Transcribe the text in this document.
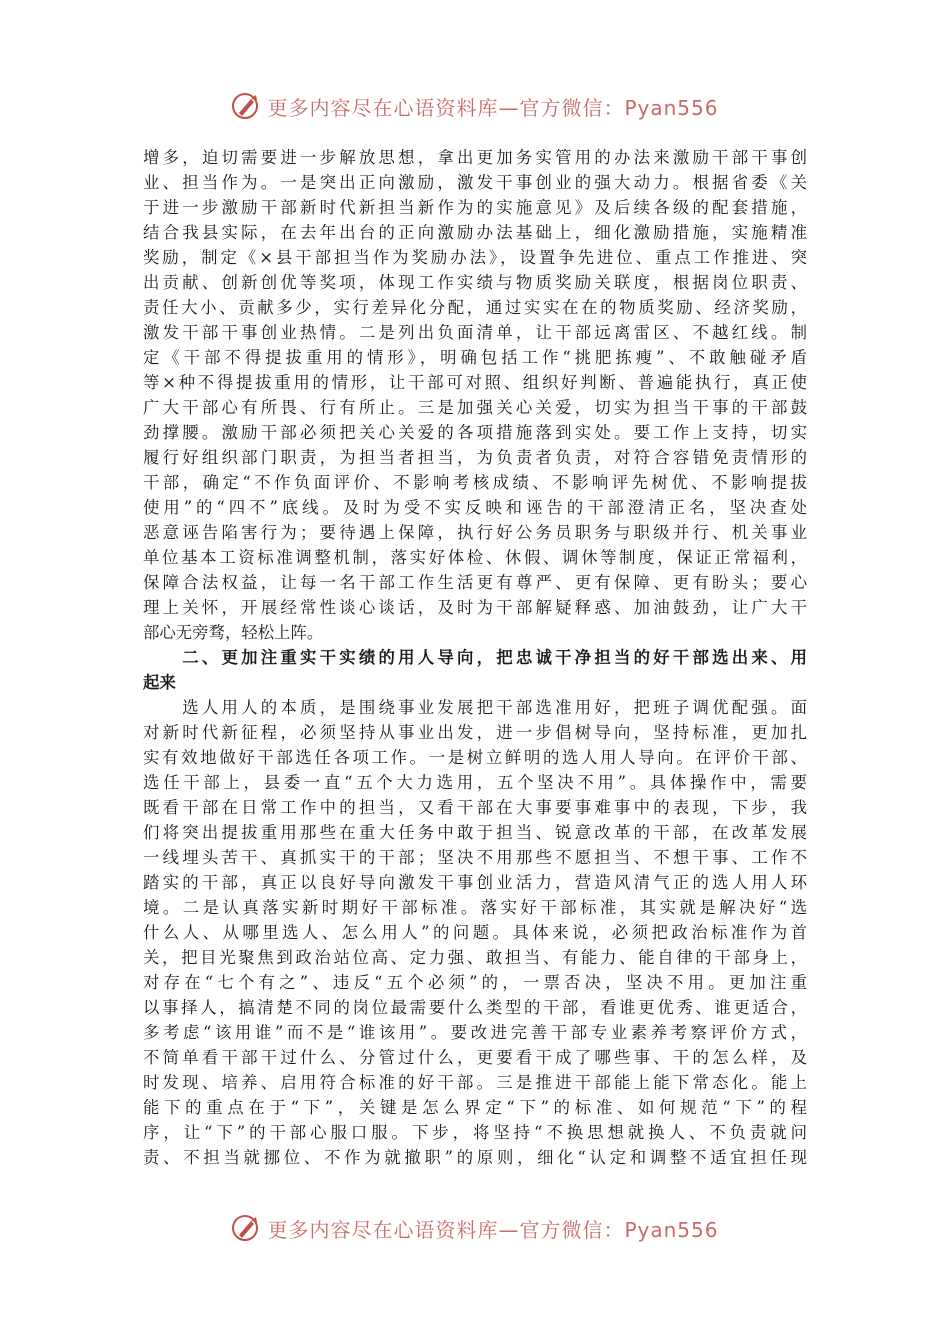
更多内容尽在心语资料库—官方微信：Pyan556
增多，迫切需要进一步解放思想，拿出更加务实管用的办法来激励干部干事创
业、担当作为。一是突出正向激励，激发干事创业的强大动力。根据省委《关
于进一步激励干部新时代新担当新作为的实施意见》及后续各级的配套措施，
结合我县实际，在去年出台的正向激励办法基础上，细化激励措施，实施精准
奖励，制定《×县干部担当作为奖励办法》，设置争先进位、重点工作推进、突
出贡献、创新创优等奖项，体现工作实绩与物质奖励关联度，根据岗位职责、
责任大小、贡献多少，实行差异化分配，通过实实在在的物质奖励、经济奖励，
激发干部干事创业热情。二是列出负面清单，让干部远离雷区、不越红线。制
定《干部不得提拔重用的情形》，明确包括工作“挑肥拣瘦”、不敢触碰矛盾
等×种不得提拔重用的情形，让干部可对照、组织好判断、普遍能执行，真正使
广大干部心有所畏、行有所止。三是加强关心关爱，切实为担当干事的干部鼓
劲撑腰。激励干部必须把关心关爱的各项措施落到实处。要工作上支持，切实
履行好组织部门职责，为担当者担当，为负责者负责，对符合容错免责情形的
干部，确定“不作负面评价、不影响考核成绩、不影响评先树优、不影响提拔
使用”的“四不”底线。及时为受不实反映和诬告的干部澄清正名，坚决查处
恶意诬告陷害行为；要待遇上保障，执行好公务员职务与职级并行、机关事业
单位基本工资标准调整机制，落实好体检、休假、调休等制度，保证正常福利，
保障合法权益，让每一名干部工作生活更有尊严、更有保障、更有盼头；要心
理上关怀，开展经常性谈心谈话，及时为干部解疑释惑、加油鼓劲，让广大干
部心无旁骛，轻松上阵。
　　二、更加注重实干实绩的用人导向，把忠诚干净担当的好干部选出来、用
起来
　　选人用人的本质，是围绕事业发展把干部选准用好，把班子调优配强。面
对新时代新征程，必须坚持从事业出发，进一步倡树导向，坚持标准，更加扎
实有效地做好干部选任各项工作。一是树立鲜明的选人用人导向。在评价干部、
选任干部上，县委一直“五个大力选用，五个坚决不用”。具体操作中，需要
既看干部在日常工作中的担当，又看干部在大事要事难事中的表现，下步，我
们将突出提拔重用那些在重大任务中敢于担当、锐意改革的干部，在改革发展
一线埋头苦干、真抓实干的干部；坚决不用那些不愿担当、不想干事、工作不
踏实的干部，真正以良好导向激发干事创业活力，营造风清气正的选人用人环
境。二是认真落实新时期好干部标准。落实好干部标准，其实就是解决好“选
什么人、从哪里选人、怎么用人”的问题。具体来说，必须把政治标准作为首
关，把目光聚焦到政治站位高、定力强、敢担当、有能力、能自律的干部身上，
对存在“七个有之”、违反“五个必须”的，一票否决，坚决不用。更加注重
以事择人，搞清楚不同的岗位最需要什么类型的干部，看谁更优秀、谁更适合，
多考虑“该用谁”而不是“谁该用”。要改进完善干部专业素养考察评价方式，
不简单看干部干过什么、分管过什么，更要看干成了哪些事、干的怎么样，及
时发现、培养、启用符合标准的好干部。三是推进干部能上能下常态化。能上
能下的重点在于“下”，关键是怎么界定“下”的标准、如何规范“下”的程
序，让“下”的干部心服口服。下步，将坚持“不换思想就换人、不负责就问
责、不担当就挪位、不作为就撤职”的原则，细化“认定和调整不适宜担任现
更多内容尽在心语资料库—官方微信：Pyan556
